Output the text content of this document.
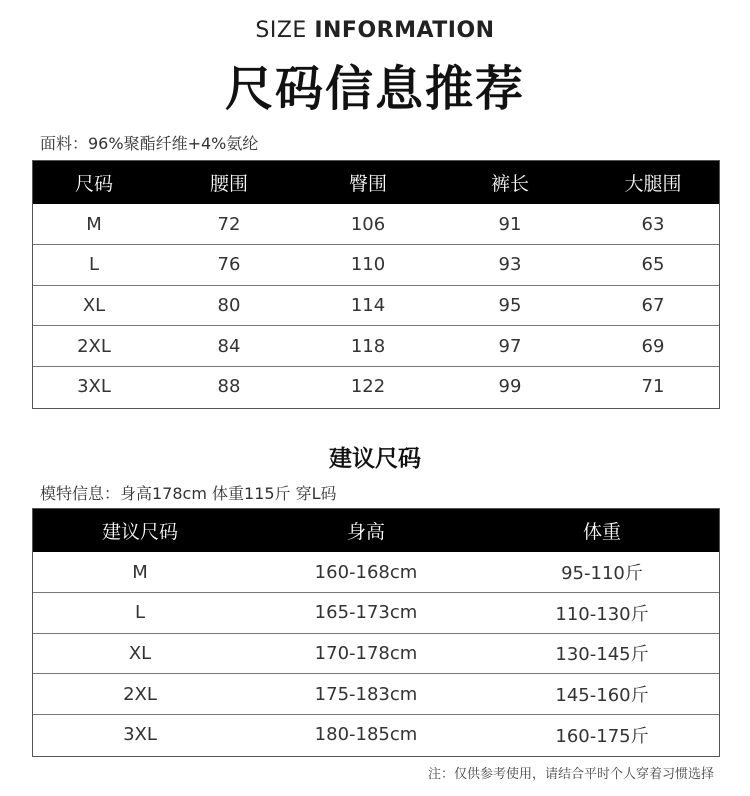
SIZE INFORMATION
尺码信息推荐
面料：96%聚酯纤维+4%氨纶
尺码	腰围	臀围	裤长	大腿围
M	72	106	91	63
L	76	110	93	65
XL	80	114	95	67
2XL	84	118	97	69
3XL	88	122	99	71
建议尺码
模特信息：身高178cm 体重115斤 穿L码
建议尺码	身高	体重
M	160-168cm	95-110斤
L	165-173cm	110-130斤
XL	170-178cm	130-145斤
2XL	175-183cm	145-160斤
3XL	180-185cm	160-175斤
注：仅供参考使用，请结合平时个人穿着习惯选择
